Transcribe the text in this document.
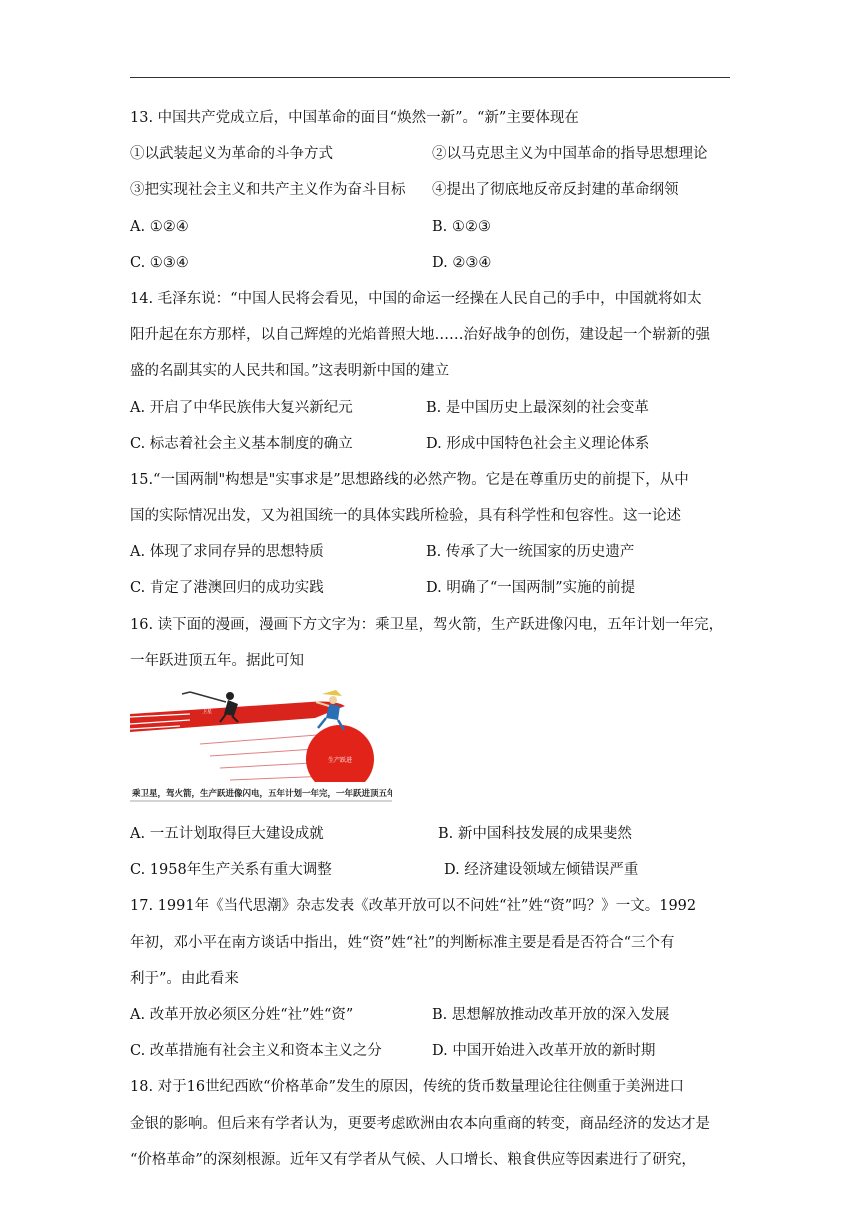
13. 中国共产党成立后，中国革命的面目“焕然一新”。“新”主要体现在
①以武装起义为革命的斗争方式	②以马克思主义为中国革命的指导思想理论
③把实现社会主义和共产主义作为奋斗目标	④提出了彻底地反帝反封建的革命纲领
A. ①②④	B. ①②③
C. ①③④	D. ②③④
14. 毛泽东说：“中国人民将会看见，中国的命运一经操在人民自己的手中，中国就将如太
阳升起在东方那样，以自己辉煌的光焰普照大地……治好战争的创伤，建设起一个崭新的强
盛的名副其实的人民共和国。”这表明新中国的建立
A. 开启了中华民族伟大复兴新纪元	B. 是中国历史上最深刻的社会变革
C. 标志着社会主义基本制度的确立	D. 形成中国特色社会主义理论体系
15.“一国两制"构想是"实事求是”思想路线的必然产物。它是在尊重历史的前提下，从中
国的实际情况出发，又为祖国统一的具体实践所检验，具有科学性和包容性。这一论述
A. 体现了求同存异的思想特质	B. 传承了大一统国家的历史遗产
C. 肯定了港澳回归的成功实践	D. 明确了“一国两制”实施的前提
16. 读下面的漫画，漫画下方文字为：乘卫星，驾火箭，生产跃进像闪电，五年计划一年完，
一年跃进顶五年。据此可知
生产跃进
卫星
乘卫星，驾火箭，生产跃进像闪电，五年计划一年完，一年跃进顶五年。
A. 一五计划取得巨大建设成就	B. 新中国科技发展的成果斐然
C. 1958年生产关系有重大调整	D. 经济建设领域左倾错误严重
17. 1991年《当代思潮》杂志发表《改革开放可以不问姓“社”姓“资”吗？》一文。1992
年初，邓小平在南方谈话中指出，姓“资”姓“社”的判断标准主要是看是否符合“三个有
利于”。由此看来
A. 改革开放必须区分姓“社”姓“资”	B. 思想解放推动改革开放的深入发展
C. 改革措施有社会主义和资本主义之分	D. 中国开始进入改革开放的新时期
18. 对于16世纪西欧“价格革命”发生的原因，传统的货币数量理论往往侧重于美洲进口
金银的影响。但后来有学者认为，更要考虑欧洲由农本向重商的转变，商品经济的发达才是
“价格革命”的深刻根源。近年又有学者从气候、人口增长、粮食供应等因素进行了研究，
